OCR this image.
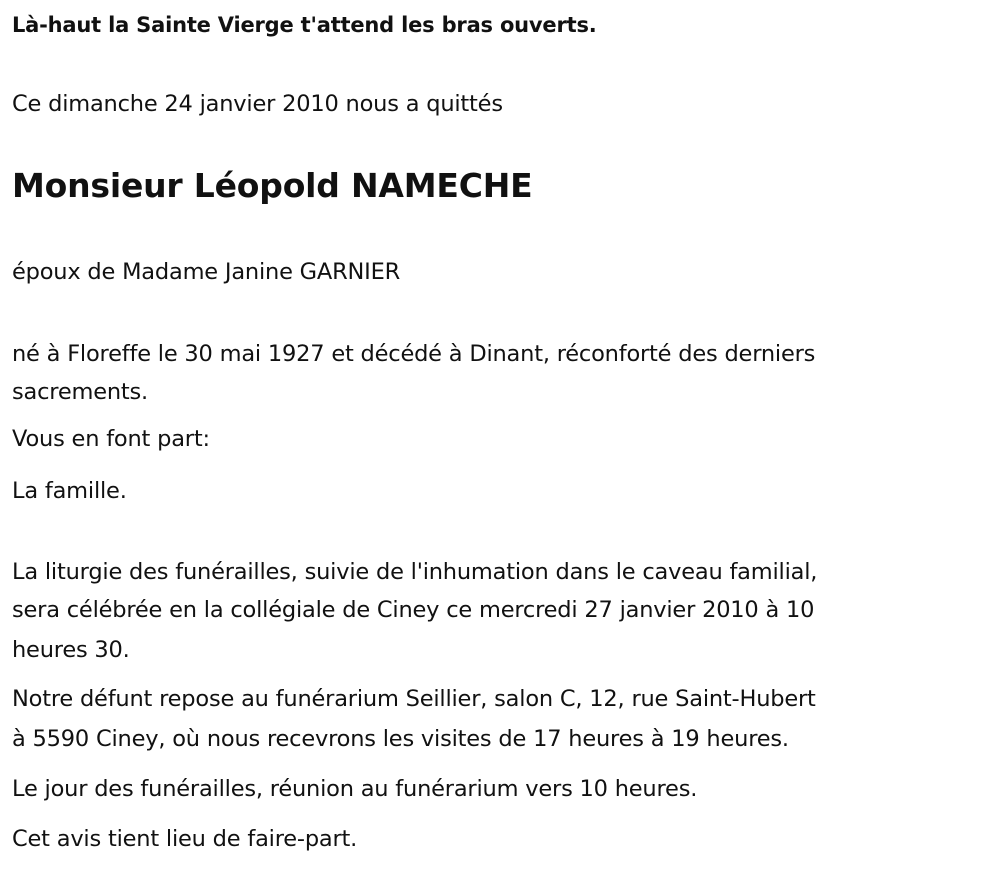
Là-haut la Sainte Vierge t'attend les bras ouverts.
Ce dimanche 24 janvier 2010 nous a quittés
Monsieur Léopold NAMECHE
époux de Madame Janine GARNIER
né à Floreffe le 30 mai 1927 et décédé à Dinant, réconforté des derniers
sacrements.
Vous en font part:
La famille.
La liturgie des funérailles, suivie de l'inhumation dans le caveau familial,
sera célébrée en la collégiale de Ciney ce mercredi 27 janvier 2010 à 10
heures 30.
Notre défunt repose au funérarium Seillier, salon C, 12, rue Saint-Hubert
à 5590 Ciney, où nous recevrons les visites de 17 heures à 19 heures.
Le jour des funérailles, réunion au funérarium vers 10 heures.
Cet avis tient lieu de faire-part.
